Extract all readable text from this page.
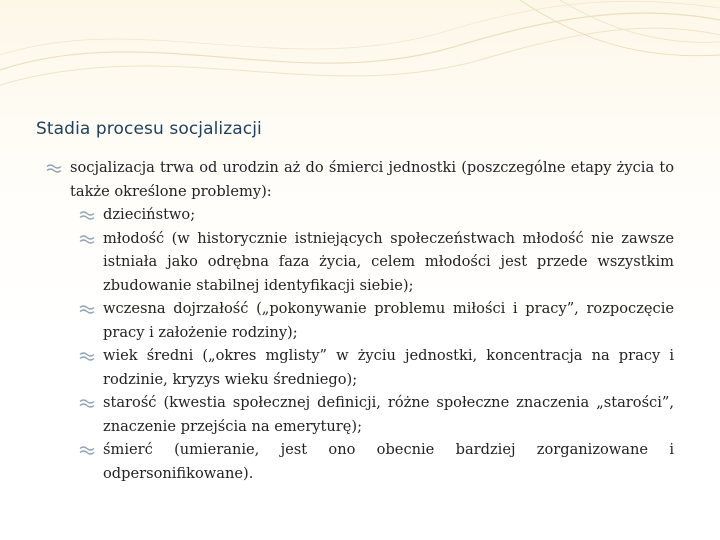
Stadia procesu socjalizacji
socjalizacja trwa od urodzin aż do śmierci jednostki (poszczególne etapy życia to także określone problemy):
dzieciństwo;
młodość (w historycznie istniejących społeczeństwach młodość nie zawsze istniała jako odrębna faza życia, celem młodości jest przede wszystkim zbudowanie stabilnej identyfikacji siebie);
wczesna dojrzałość („pokonywanie problemu miłości i pracy”, rozpoczęcie pracy i założenie rodziny);
wiek średni („okres mglisty” w życiu jednostki, koncentracja na pracy i rodzinie, kryzys wieku średniego);
starość (kwestia społecznej definicji, różne społeczne znaczenia „starości”, znaczenie przejścia na emeryturę);
śmierć (umieranie, jest ono obecnie bardziej zorganizowane i odpersonifikowane).
